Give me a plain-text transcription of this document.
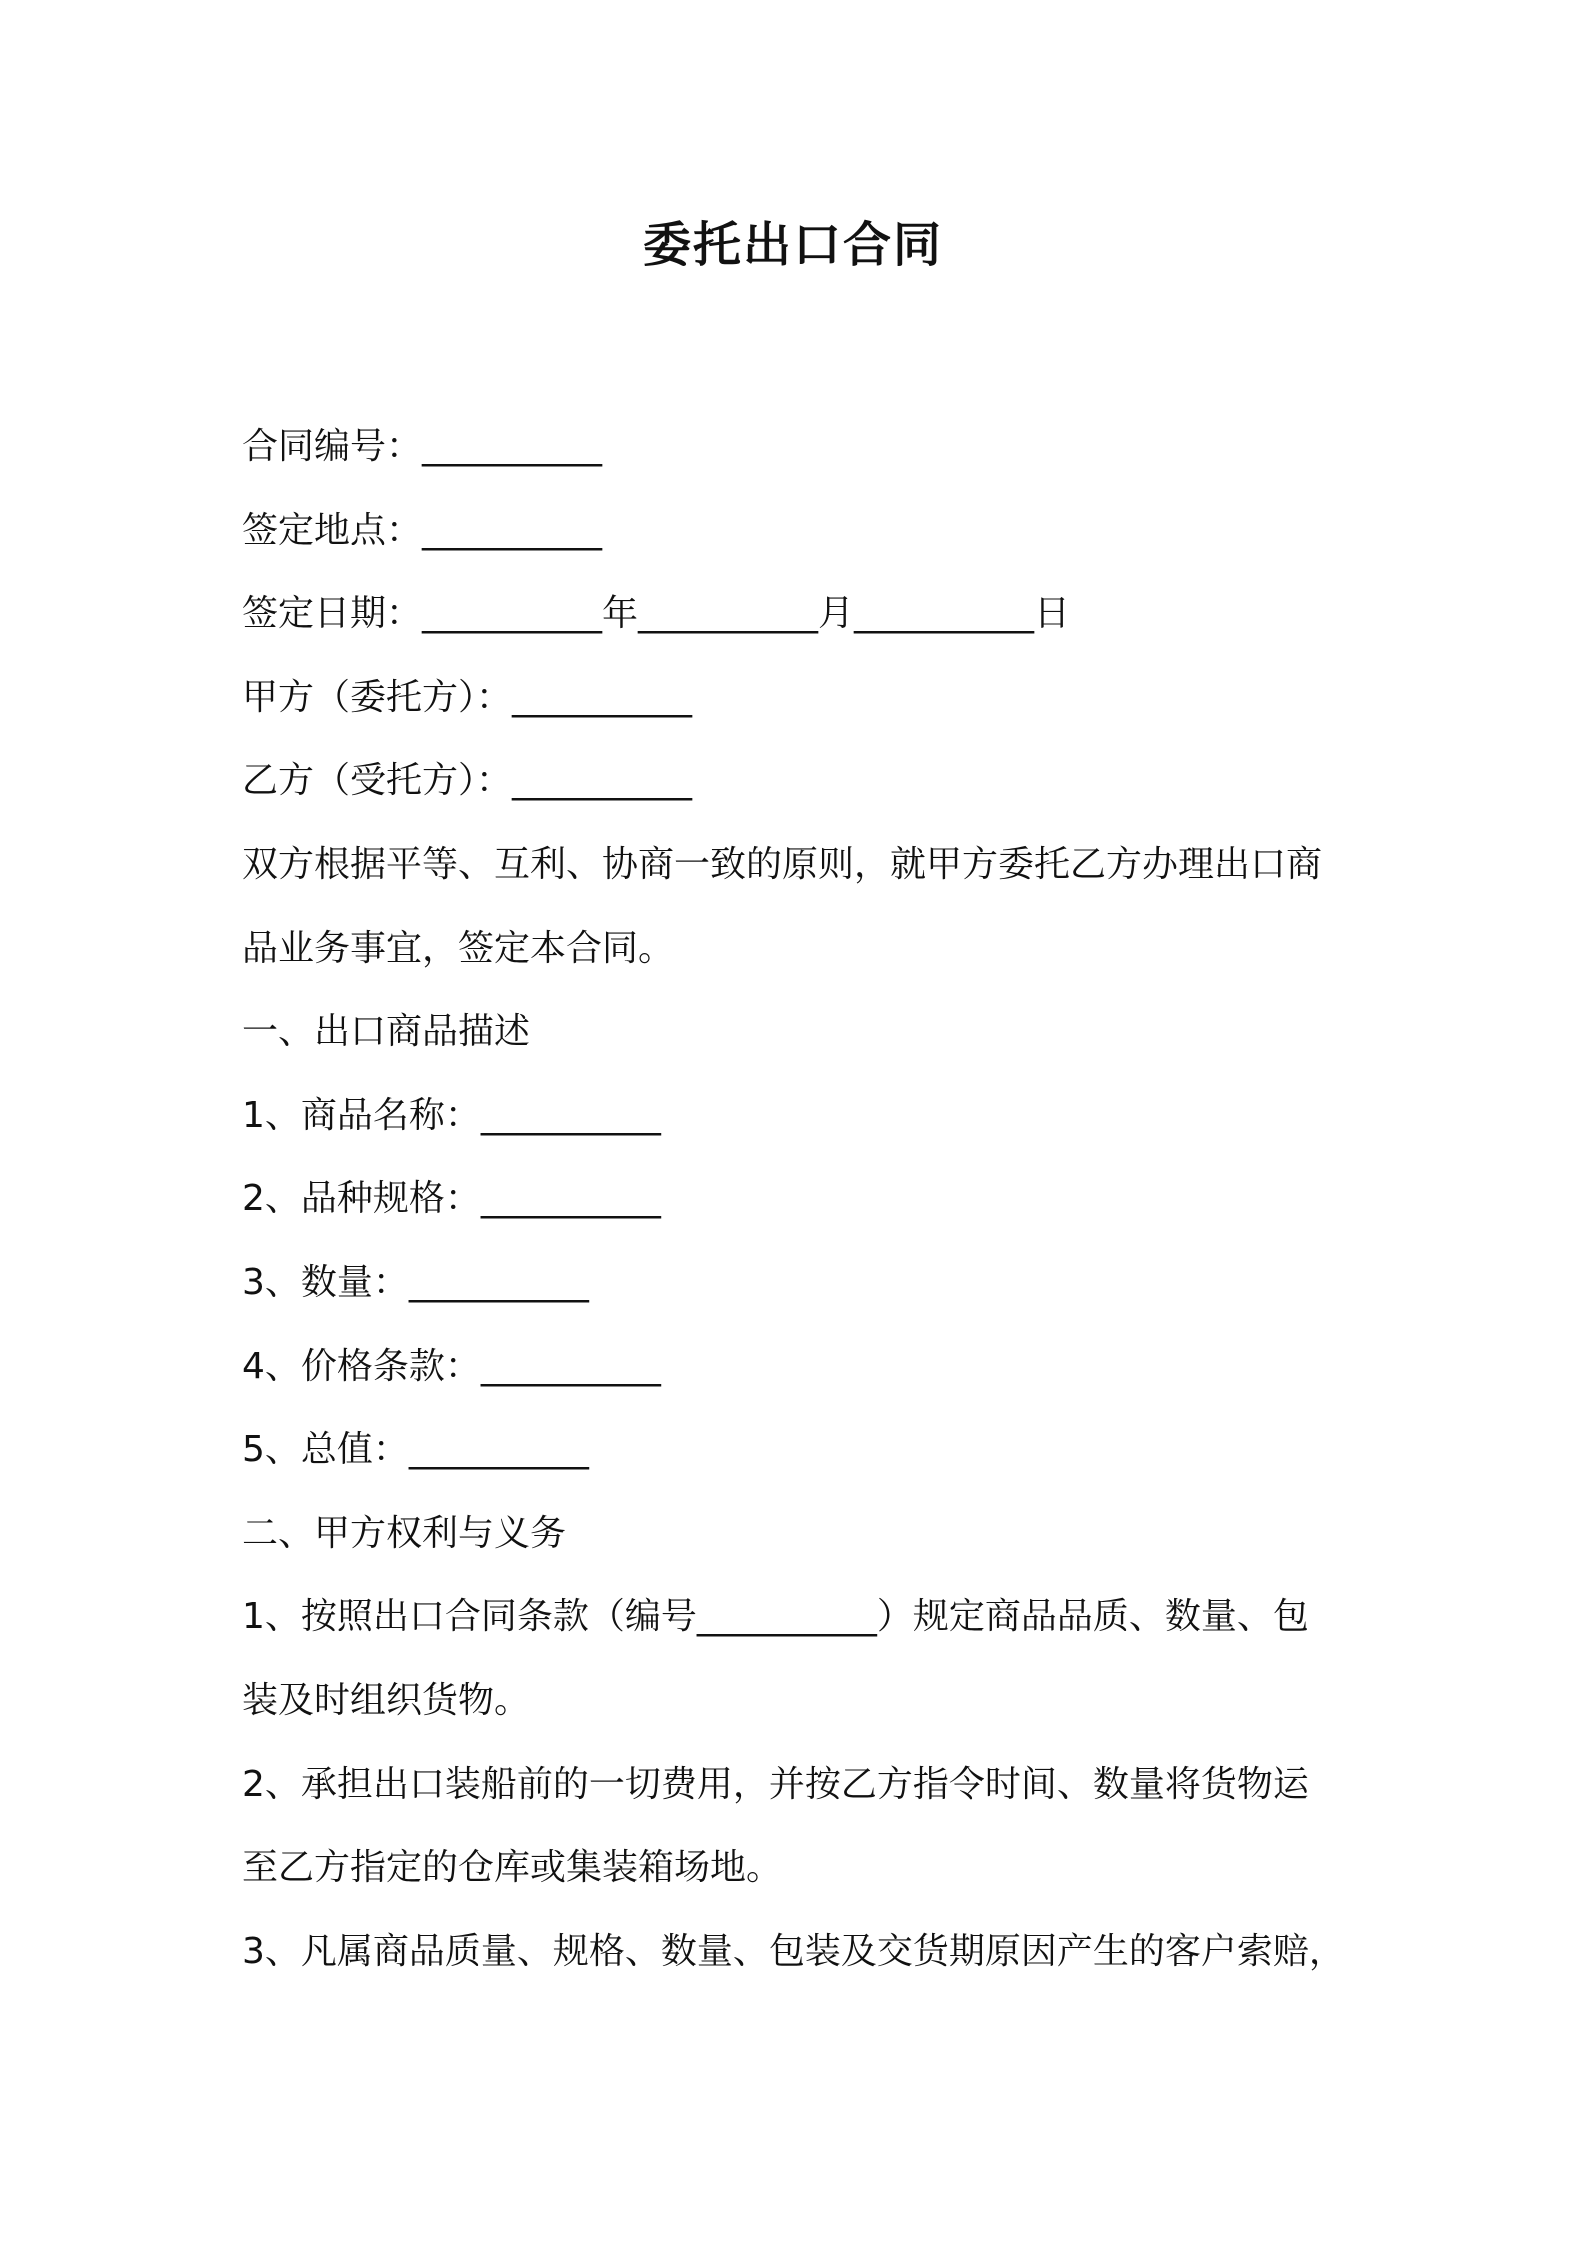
委托出口合同
合同编号：__________
签定地点：__________
签定日期：__________年__________月__________日
甲方（委托方）：__________
乙方（受托方）：__________
双方根据平等、互利、协商一致的原则，就甲方委托乙方办理出口商
品业务事宜，签定本合同。
一、出口商品描述
1、商品名称：__________
2、品种规格：__________
3、数量：__________
4、价格条款：__________
5、总值：__________
二、甲方权利与义务
1、按照出口合同条款（编号__________）规定商品品质、数量、包
装及时组织货物。
2、承担出口装船前的一切费用，并按乙方指令时间、数量将货物运
至乙方指定的仓库或集装箱场地。
3、凡属商品质量、规格、数量、包装及交货期原因产生的客户索赔，
